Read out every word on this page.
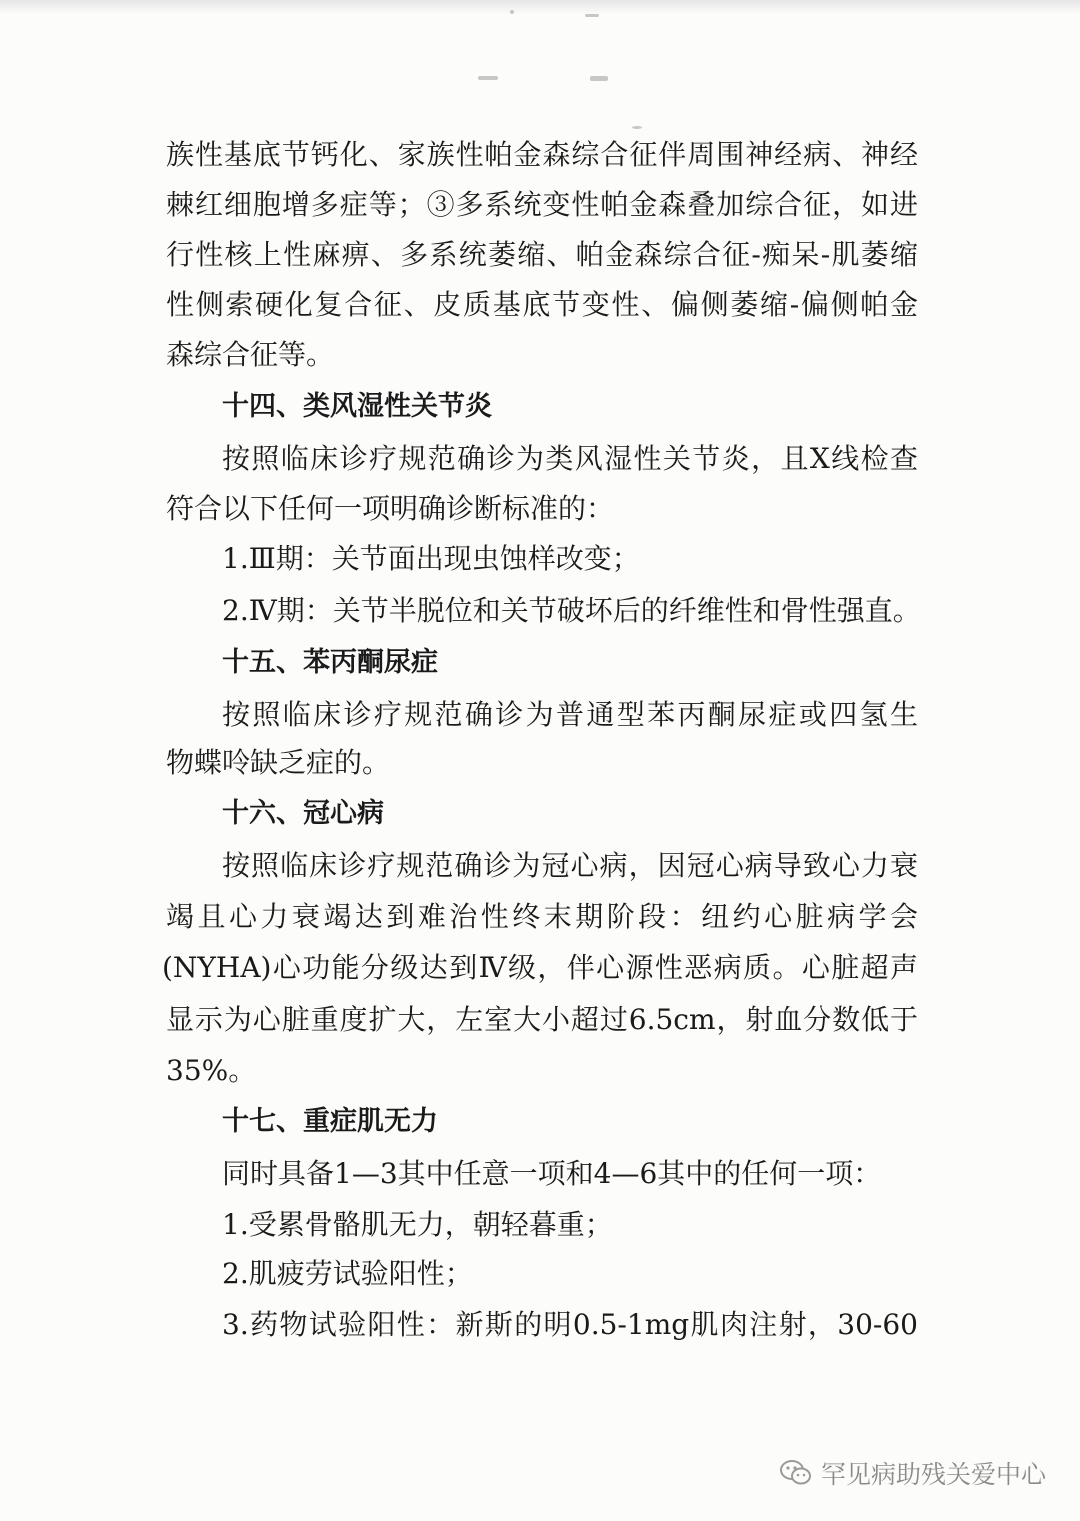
族性基底节钙化、家族性帕金森综合征伴周围神经病、神经
棘红细胞增多症等；③多系统变性帕金森叠加综合征，如进
行性核上性麻痹、多系统萎缩、帕金森综合征-痴呆-肌萎缩
性侧索硬化复合征、皮质基底节变性、偏侧萎缩-偏侧帕金
森综合征等。
十四、类风湿性关节炎
按照临床诊疗规范确诊为类风湿性关节炎，且X线检查
符合以下任何一项明确诊断标准的：
1.Ⅲ期：关节面出现虫蚀样改变；
2.Ⅳ期：关节半脱位和关节破坏后的纤维性和骨性强直。
十五、苯丙酮尿症
按照临床诊疗规范确诊为普通型苯丙酮尿症或四氢生
物蝶呤缺乏症的。
十六、冠心病
按照临床诊疗规范确诊为冠心病，因冠心病导致心力衰
竭且心力衰竭达到难治性终末期阶段：纽约心脏病学会
(NYHA)心功能分级达到Ⅳ级，伴心源性恶病质。心脏超声
显示为心脏重度扩大，左室大小超过6.5cm，射血分数低于
35%。
十七、重症肌无力
同时具备1—3其中任意一项和4—6其中的任何一项：
1.受累骨骼肌无力，朝轻暮重；
2.肌疲劳试验阳性；
3.药物试验阳性：新斯的明0.5-1mg肌肉注射，30-60
罕见病助残关爱中心
